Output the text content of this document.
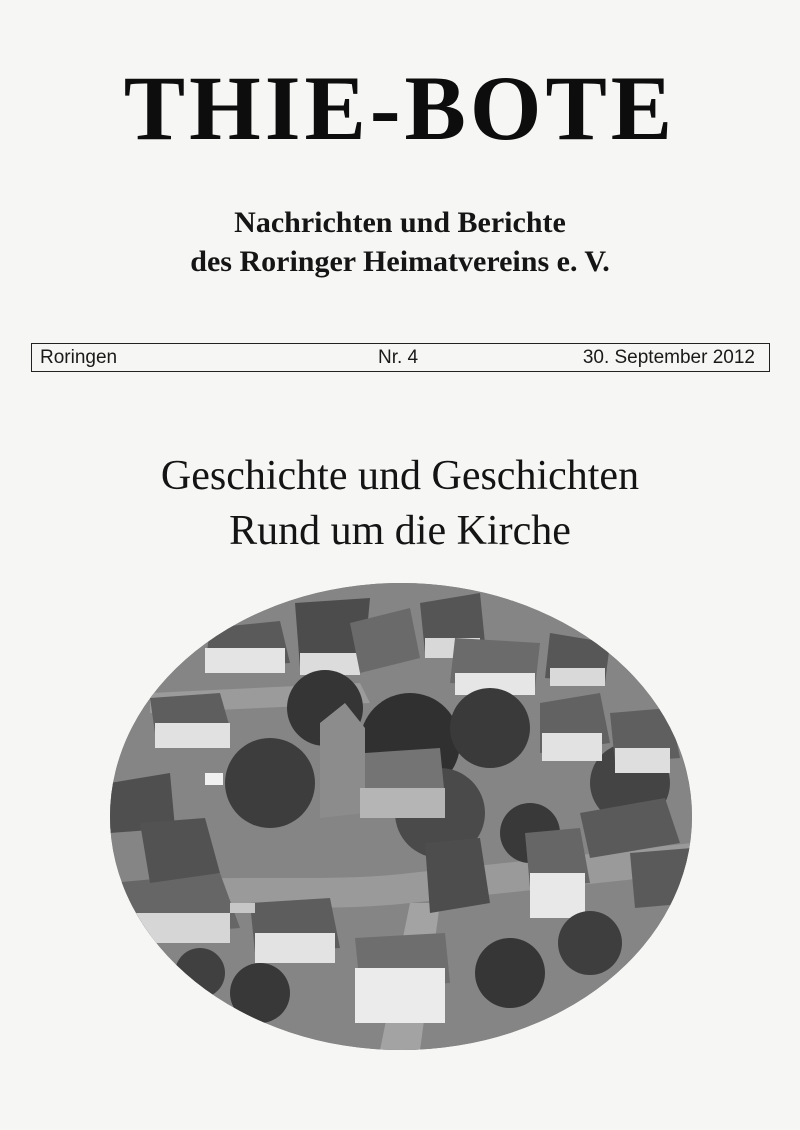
THIE-BOTE
Nachrichten und Berichte
des Roringer Heimatvereins e. V.
Roringen	Nr. 4	30. September 2012
Geschichte und Geschichten
Rund um die Kirche
